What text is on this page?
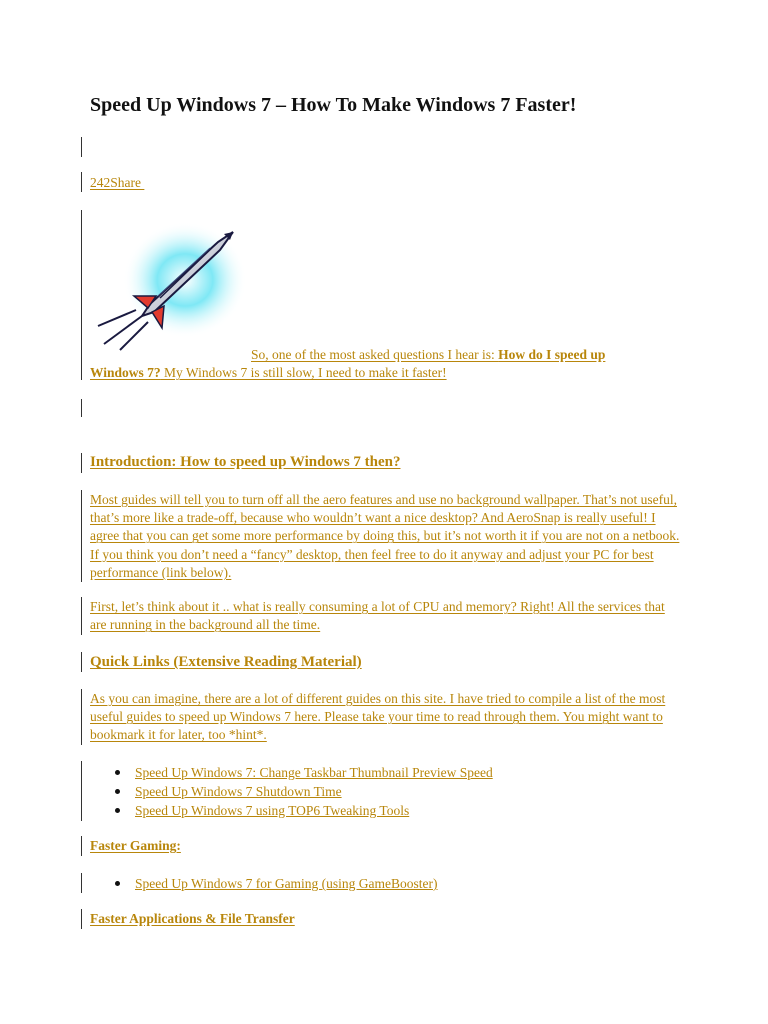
Speed Up Windows 7 – How To Make Windows 7 Faster!
242Share
So, one of the most asked questions I hear is: How do I speed up
Windows 7? My Windows 7 is still slow, I need to make it faster!
Introduction: How to speed up Windows 7 then?
Most guides will tell you to turn off all the aero features and use no background wallpaper. That’s not useful, that’s more like a trade-off, because who wouldn’t want a nice desktop? And AeroSnap is really useful! I agree that you can get some more performance by doing this, but it’s not worth it if you are not on a netbook. If you think you don’t need a “fancy” desktop, then feel free to do it anyway and adjust your PC for best performance (link below).
First, let’s think about it .. what is really consuming a lot of CPU and memory? Right! All the services that are running in the background all the time.
Quick Links (Extensive Reading Material)
As you can imagine, there are a lot of different guides on this site. I have tried to compile a list of the most useful guides to speed up Windows 7 here. Please take your time to read through them. You might want to bookmark it for later, too *hint*.
Speed Up Windows 7: Change Taskbar Thumbnail Preview Speed
Speed Up Windows 7 Shutdown Time
Speed Up Windows 7 using TOP6 Tweaking Tools
Faster Gaming:
Speed Up Windows 7 for Gaming (using GameBooster)
Faster Applications & File Transfer
